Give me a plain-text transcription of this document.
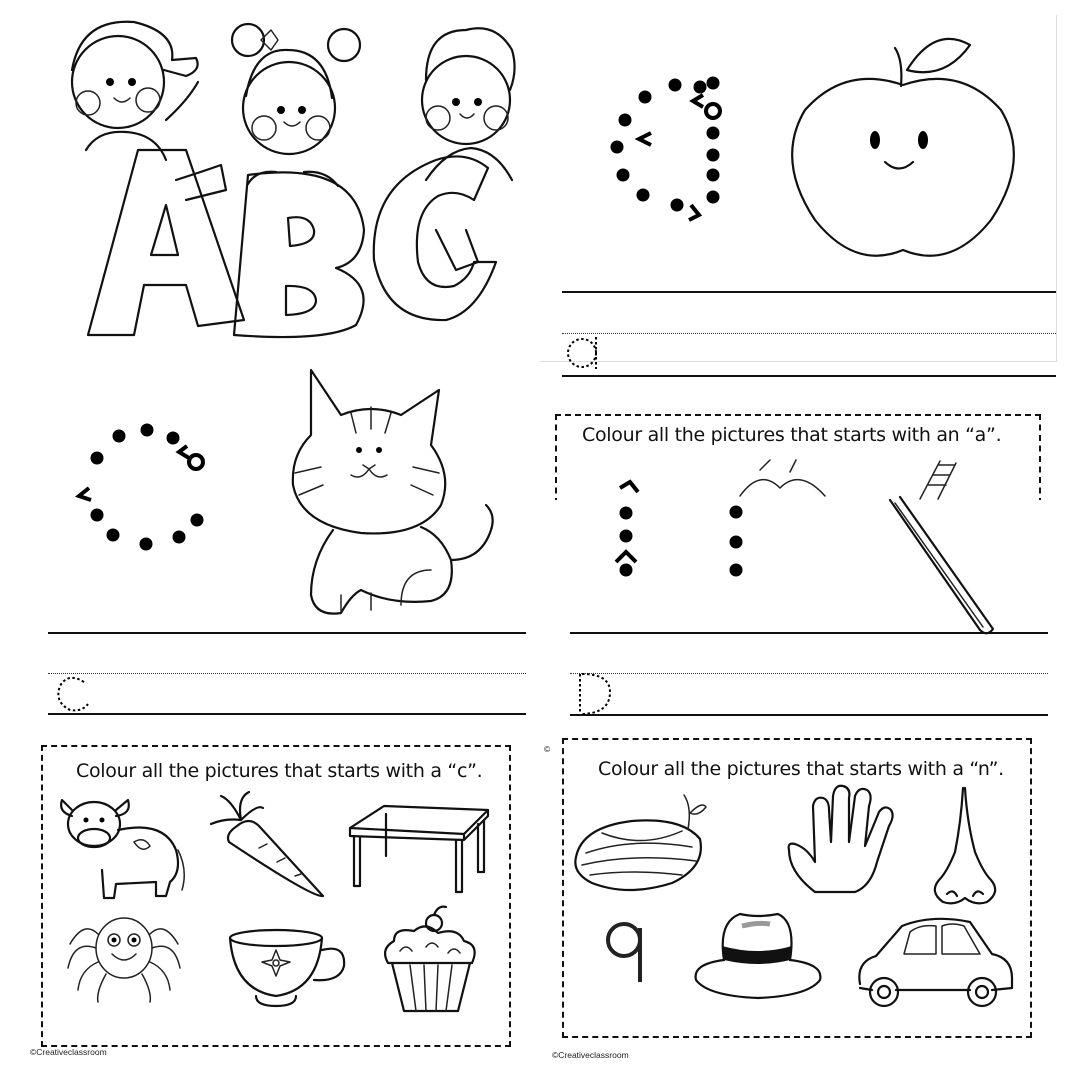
Colour all the pictures that starts with an “a”.
©
Colour all the pictures that starts with a “c”.
©Creativeclassroom
Colour all the pictures that starts with a “n”.
©Creativeclassroom
